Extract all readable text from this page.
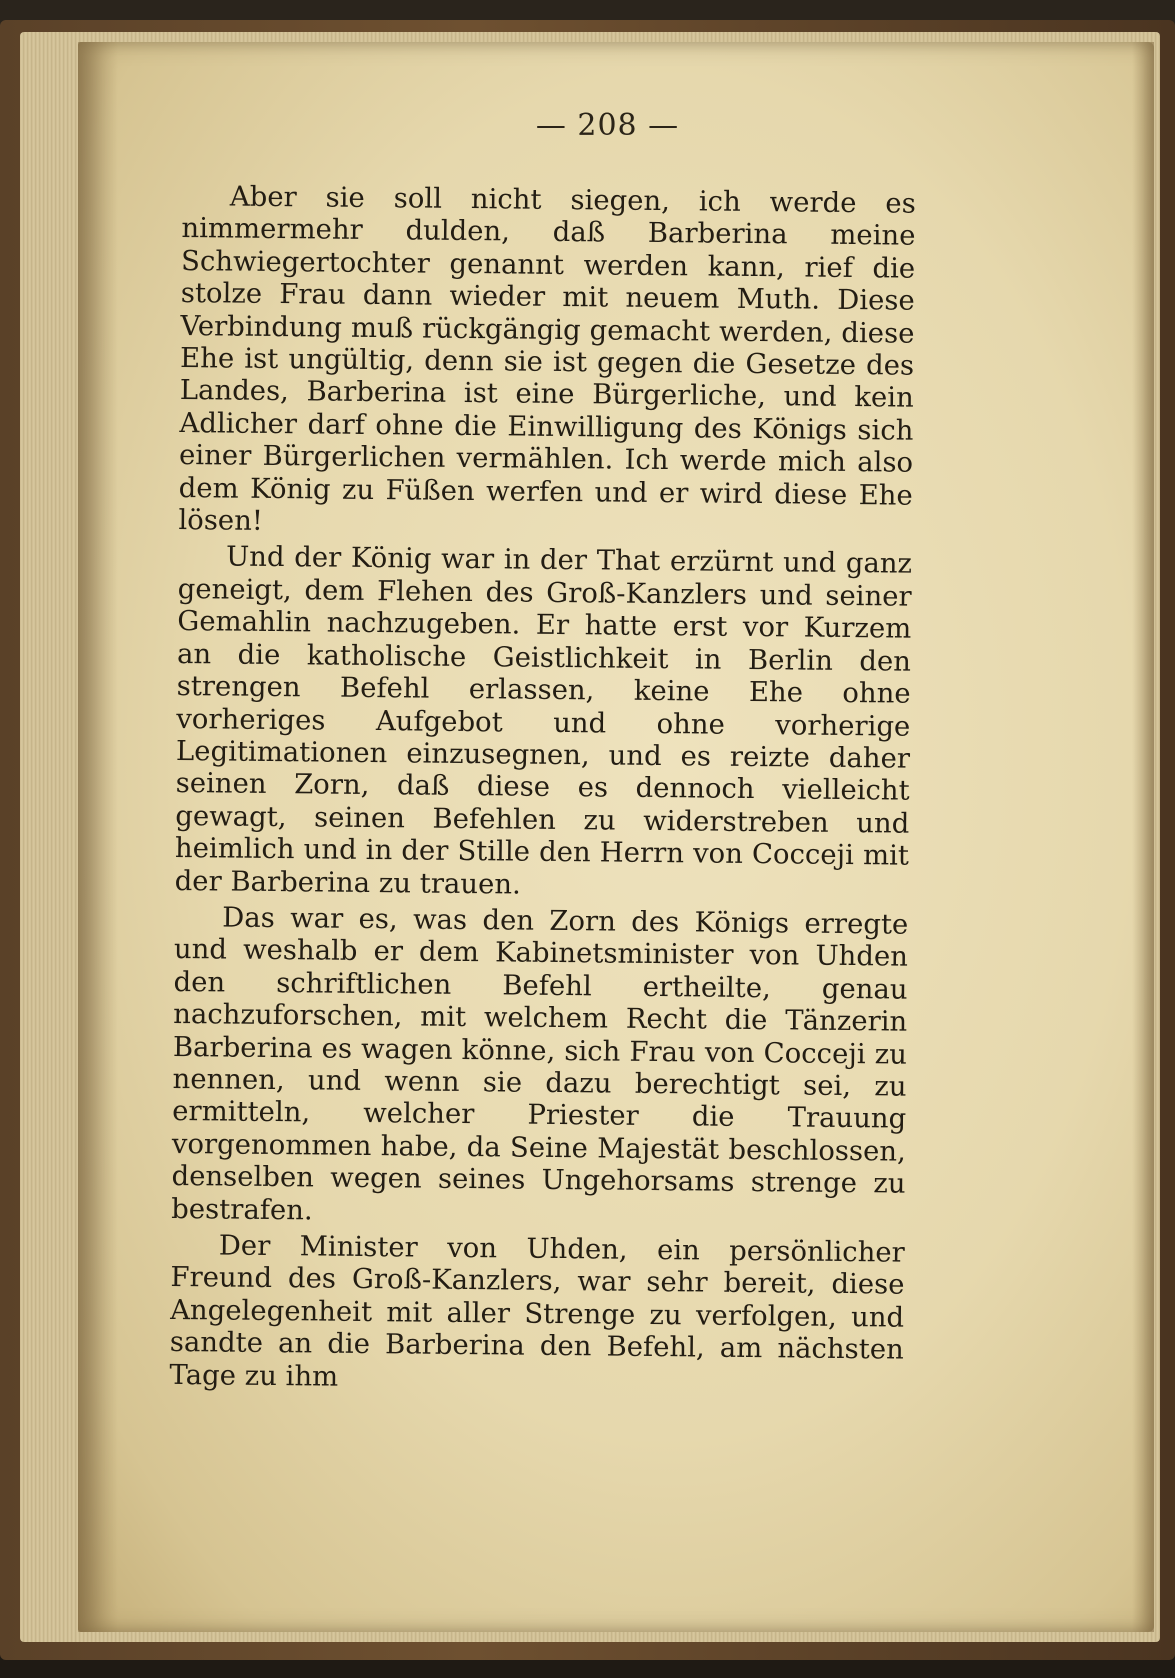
— 208 —

Aber sie soll nicht siegen, ich werde es nimmermehr dulden, daß Barberina meine Schwiegertochter genannt werden kann, rief die stolze Frau dann wieder mit neuem Muth. Diese Verbindung muß rückgängig gemacht werden, diese Ehe ist ungültig, denn sie ist gegen die Gesetze des Landes, Barberina ist eine Bürgerliche, und kein Adlicher darf ohne die Einwilligung des Königs sich einer Bürgerlichen vermählen. Ich werde mich also dem König zu Füßen werfen und er wird diese Ehe lösen!

Und der König war in der That erzürnt und ganz geneigt, dem Flehen des Groß-Kanzlers und seiner Gemahlin nachzugeben. Er hatte erst vor Kurzem an die katholische Geistlichkeit in Berlin den strengen Befehl erlassen, keine Ehe ohne vorheriges Aufgebot und ohne vorherige Legitimationen einzusegnen, und es reizte daher seinen Zorn, daß diese es dennoch vielleicht gewagt, seinen Befehlen zu widerstreben und heimlich und in der Stille den Herrn von Cocceji mit der Barberina zu trauen.

Das war es, was den Zorn des Königs erregte und weshalb er dem Kabinetsminister von Uhden den schriftlichen Befehl ertheilte, genau nachzuforschen, mit welchem Recht die Tänzerin Barberina es wagen könne, sich Frau von Cocceji zu nennen, und wenn sie dazu berechtigt sei, zu ermitteln, welcher Priester die Trauung vorgenommen habe, da Seine Majestät beschlossen, denselben wegen seines Ungehorsams strenge zu bestrafen.

Der Minister von Uhden, ein persönlicher Freund des Groß-Kanzlers, war sehr bereit, diese Angelegenheit mit aller Strenge zu verfolgen, und sandte an die Barberina den Befehl, am nächsten Tage zu ihm
